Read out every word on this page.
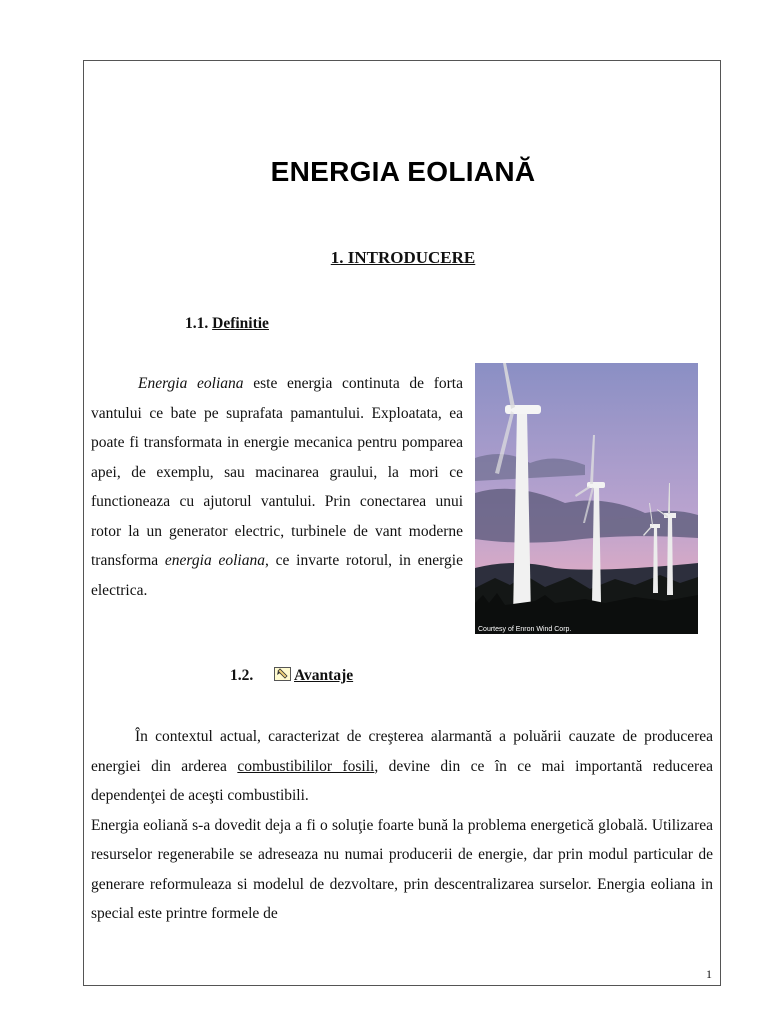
ENERGIA EOLIANĂ
1. INTRODUCERE
1.1. Definitie
Energia eoliana este energia continuta de forta vantului ce bate pe suprafata pamantului. Exploatata, ea poate fi transformata in energie mecanica pentru pomparea apei, de exemplu, sau macinarea graului, la mori ce functioneaza cu ajutorul vantului. Prin conectarea unui rotor la un generator electric, turbinele de vant moderne transforma energia eoliana, ce invarte rotorul, in energie electrica.
Courtesy of Enron Wind Corp.
1.2.	Avantaje

În contextul actual, caracterizat de creşterea alarmantă a poluării cauzate de producerea energiei din arderea combustibililor fosili, devine din ce în ce mai importantă reducerea dependenţei de aceşti combustibili.

Energia eoliană s-a dovedit deja a fi o soluţie foarte bună la problema energetică globală. Utilizarea resurselor regenerabile se adreseaza nu numai producerii de energie, dar prin modul particular de generare reformuleaza si modelul de dezvoltare, prin descentralizarea surselor. Energia eoliana in special este printre formele de

1
